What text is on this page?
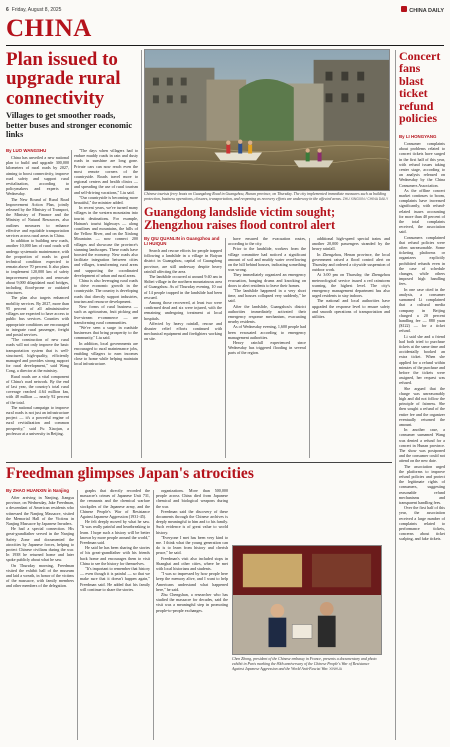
6 Friday, August 8, 2025	CHINA DAILY
CHINA
Plan issued to upgrade rural connectivity
Villages to get smoother roads, better buses and stronger economic links
By LUO WANGSHU

China has unveiled a new national plan to build and upgrade 300,000 kilometers of rural roads by 2027, aiming to boost connectivity, improve road safety and support rural revitalization, according to policymakers and experts on Wednesday.

The New Round of Rural Road Improvement Action Plan, jointly released by the Ministry of Transport, the Ministry of Finance and the Ministry of Natural Resources, also outlines measures to enhance effective and equitable transportation services across rural areas in China.

In addition to building new roads, another 10,000 km of rural roads will undergo systematic maintenance, with the proportion of roads in good technical condition expected to remain above 70 percent. It also plans to implement 120,000 km of safety improvement projects and renovate about 9,000 dilapidated rural bridges, including flood-prone or outdated structures.

The plan also targets enhanced mobility services. By 2027, more than 95 percent of all administrative villages are expected to have access to public bus services. Counties with appropriate conditions are encouraged to integrate rural passenger, freight and postal services.

"The construction of new rural roads will not only improve the basic transportation system that is well-structured, high-quality, efficiently managed and provides strong support for rural development," said Wang Cong, a director at the ministry.

Rural roads are a vital component of China's road network. By the end of last year, the country's total rural coverage reached 4.64 million km, with 48 million — nearly 92 percent of the total.

The national campaign to improve rural roads is not just an infrastructure project — it's a powerful engine of rural revitalization and common prosperity," said Fu Xiaojun, a professor at a university in Beijing.

"The days when villagers had to endure muddy roads in rain and dusty roads in sunshine are long gone. Private cars can now reach even the most remote corners of the countryside. Roads travel more to regional centers and health clinics — and spreading the use of rural tourism and self-driving vacations," Liu said.

"Our countryside is becoming more beautiful," the minister added.

In recent years, we've turned many villages in the western mountains into tourist destinations. For example, Hainan's tourist highways — along coastlines and mountains, the hills of the Yellow River, and on the Xinlong Mountains — now connect 200 villages and showcase the province's stunning landscapes. These roads have boosted the economy. New roads also facilitate integration between cities and villages, transforming rural areas and supporting the coordinated development of urban and rural areas.

China is also leveraging rural roads to drive economic growth in the countryside. The country is developing roads that directly support industries, tourism and resource development.

New forms of rural business — such as agritourism, fruit picking and live-stream e-commerce — are transforming rural communities.

"We've seen a surge in roadside businesses that bring prosperity to the community," Liu said.

In addition, local governments are encouraged to rural maintenance jobs, enabling villagers to earn incomes close to home while helping maintain local infrastructure.

Chinese tourists ferry boats on Guangdong Road in Guangzhou, Hunan province, on Thursday. The city implemented immediate measures such as building protection, business operations, closures, transportation, and reopening as recovery efforts are underway in the affected areas. ZHU XINGXIN / CHINA DAILY
Guangdong landslide victim sought; Zhengzhou raises flood control alert
By QIU QUANLIN in Guangzhou and LI HUIQUN

Search and rescue efforts for people trapped following a landslide in a village in Baiyun district in Guangzhou, capital of Guangdong province, are still underway despite heavy rainfall affecting the area.

The landslide occurred at around 9:40 am in Shibei village in the northern mountainous area of Guangzhou. As of Thursday evening, 10 out of 14 people trapped in the landslide had been rescued.

Among those recovered, at least two were confirmed dead and six were injured, with the remaining undergoing treatment at local hospitals.

Affected by heavy rainfall, rescue and disaster relief efforts continued with mechanical equipment and firefighters working on site.

have ensured the evacuation routes, according to the city.

Prior to the landslide, workers from the village committee had noticed a significant amount of soil and muddy water overflowing on the hill behind houses, indicating something was wrong.

They immediately organized an emergency evacuation, banging drums and knocking on doors to alert residents to leave their homes.

"The landslide happened in a very short time, and houses collapsed very suddenly," he said.

After the landslide, Guangzhou's district authorities immediately activated their emergency response mechanism, evacuating nearby residents.

As of Wednesday evening, 1,600 people had been evacuated according to emergency management authorities.

Heavy rainfall experienced since Wednesday has triggered flooding in several parts of the region.

additional high-speed special trains and another 20,000 passengers stranded by the heavy rainfall.

In Zhengzhou, Henan province, the local government raised a flood control alert on Thursday and ordered a citywide suspension of outdoor work.

At 3:00 pm on Thursday, the Zhengzhou meteorological service issued a red rainstorm warning, the highest level. The city's emergency management department has also urged residents to stay indoors.

The national and local authorities have upgraded the response level to ensure safety and smooth operations of transportation and utilities.

Freedman glimpses Japan's atrocities
By ZHAO HUANXIN in Nanjing

After arriving in Nanjing, Jiangsu province, on Wednesday, Jake Freedman, a descendant of American residents who witnessed the Nanjing Massacre, visited the Memorial Hall of the Victims in Nanjing Massacre by Japanese Invaders.

He had a special connection. His great-grandfather served in the Nanjing Safety Zone and documented the atrocities by Japanese forces, helping to protect Chinese civilians during the war. In 1938 he returned home and later spoke publicly about what he saw.

On Thursday morning, Freedman visited the exhibit hall of the museum and laid a wreath, in honor of the victims of the massacre, with family members and other members of the delegation.

graphs that directly recorded the massacre's crimes of Japanese Unit 731, the remnants and the chemical warfare stockpiles of the Japanese army, and the Chinese People's War of Resistance Against Japanese Aggression (1931-45).

He felt deeply moved by what he saw. "It was really painful and heartbreaking to learn. I hope such a history will be better known by more people around the world," Freedman said.

He said he has been sharing the stories of his great-grandfather with his friends back home and encourages them to visit China to see the history for themselves.

"It's important to remember that history — even though it is painful — so that we make sure that it doesn't happen again," Freedman said. He added that his family will continue to share the stories.

organizations. More than 500,000 people across China died from Japanese chemical and biological weapons during the war.

Freedman said the discovery of these documents through the Chinese archives is deeply meaningful to him and to his family. Such evidence is of great value to world history.

"Everyone I met has been very kind to me. I think what the young generation can do is to learn from history and cherish peace," he said.

Freedman's visit also included stops in Shanghai and other cities, where he met with local historians and students.

"I was so impressed by how people here keep the memory alive, and I want to help Americans understand what happened here," he said.

Zhu Chengshan, a researcher who has studied the massacre for decades, said the visit was a meaningful step in promoting people-to-people exchanges.

Chen Zhong, president of the Chinese embassy in France, presents a documentary and photo exhibit in Paris marking the 80th anniversary of the Chinese People's War of Resistance Against Japanese Aggression and the World Anti-Fascist War. XINHUA
Concert fans blast ticket refund policies
By LI HONGYANG

Consumer complaints about problems related to concert tickets have surged in the first half of this year, with refund issues taking center stage, according to an analysis released on Wednesday by the China Consumers Association.

As the offline concert market continues to boom, complaints have increased significantly, with refund-related issues accounting for more than 40 percent of the total complaints received, the association said.

Consumers complained that refund policies were often unreasonable. Some ticketing platforms or organizers explicitly prohibited refunds even in the case of schedule changes, while others imposed high handling fees.

In one case cited in the analysis, a consumer surnamed Li complained that a cultural media company in Beijing charged a 20 percent handling fee — 880 yuan ($122) — for a ticket refund.

Li said she and a friend had both tried to purchase tickets at the same time and accidentally booked an extra ticket. When she applied for a refund within minutes of the purchase and before the tickets were assigned, her request was refused.

She argued that the charge was unreasonably high and did not follow the principle of fairness. She then sought a refund of the entire fee and the organizer eventually returned the amount.

In another case, a consumer surnamed Wang was denied a refund for a concert in Hunan province. The show was postponed and the consumer could not attend on the new date.

The association urged the platforms to improve refund policies and protect the legitimate rights of consumers, suggesting reasonable refund mechanisms and transparent handling fees.

Over the first half of this year, the association received a large number of complaints related to performance tickets, concerns about ticket scalping, and fake tickets.
